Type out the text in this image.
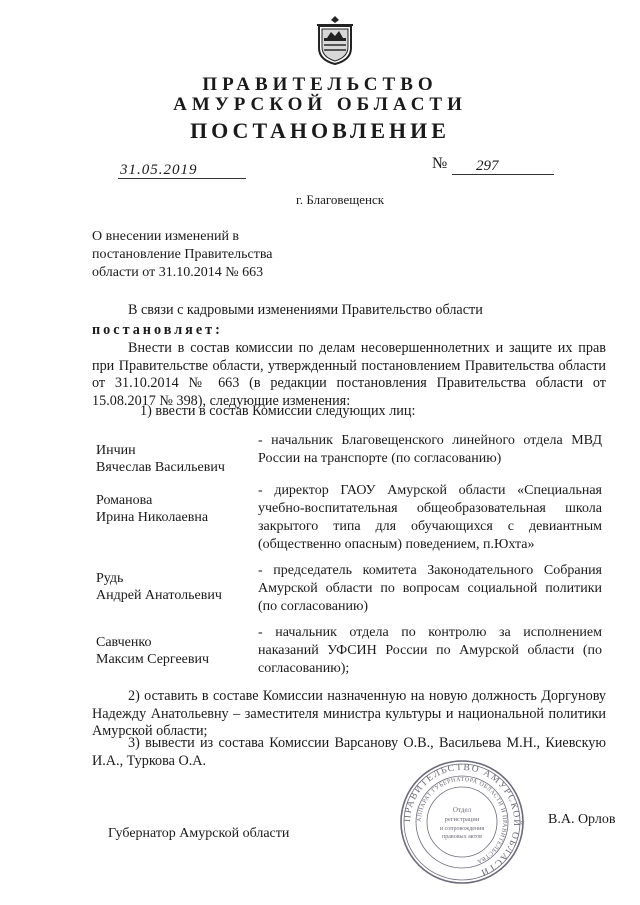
ПРАВИТЕЛЬСТВО

АМУРСКОЙ ОБЛАСТИ

ПОСТАНОВЛЕНИЕ

31.05.2019	№ 297
г. Благовещенск
О внесении изменений в
постановление Правительства
области от 31.10.2014 № 663

В связи с кадровыми изменениями Правительство области

постановляет:

Внести в состав комиссии по делам несовершеннолетних и защите их прав при Правительстве области, утвержденный постановлением Правительства области от 31.10.2014 № 663 (в редакции постановления Правительства области от 15.08.2017 № 398), следующие изменения:

1) ввести в состав Комиссии следующих лиц:

Инчин
Вячеслав Васильевич
- начальник Благовещенского линейного отдела МВД России на транспорте (по согласованию)
Романова
Ирина Николаевна
- директор ГАОУ Амурской области «Специальная учебно-воспитательная общеобразовательная школа закрытого типа для обучающихся с девиантным (общественно опасным) поведением, п.Юхта»
Рудь
Андрей Анатольевич
- председатель комитета Законодательного Собрания Амурской области по вопросам социальной политики (по согласованию)
Савченко
Максим Сергеевич
- начальник отдела по контролю за исполнением наказаний УФСИН России по Амурской области (по согласованию);

2) оставить в составе Комиссии назначенную на новую должность Доргунову Надежду Анатольевну – заместителя министра культуры и национальной политики Амурской области;

3) вывести из состава Комиссии Варсанову О.В., Васильева М.Н., Киевскую И.А., Туркова О.А.

Губернатор Амурской области
В.А. Орлов
ПРАВИТЕЛЬСТВО АМУРСКОЙ ОБЛАСТИ
АППАРАТ ГУБЕРНАТОРА ОБЛАСТИ И ПРАВИТЕЛЬСТВА
Отдел
регистрации
и сопровождения
правовых актов
